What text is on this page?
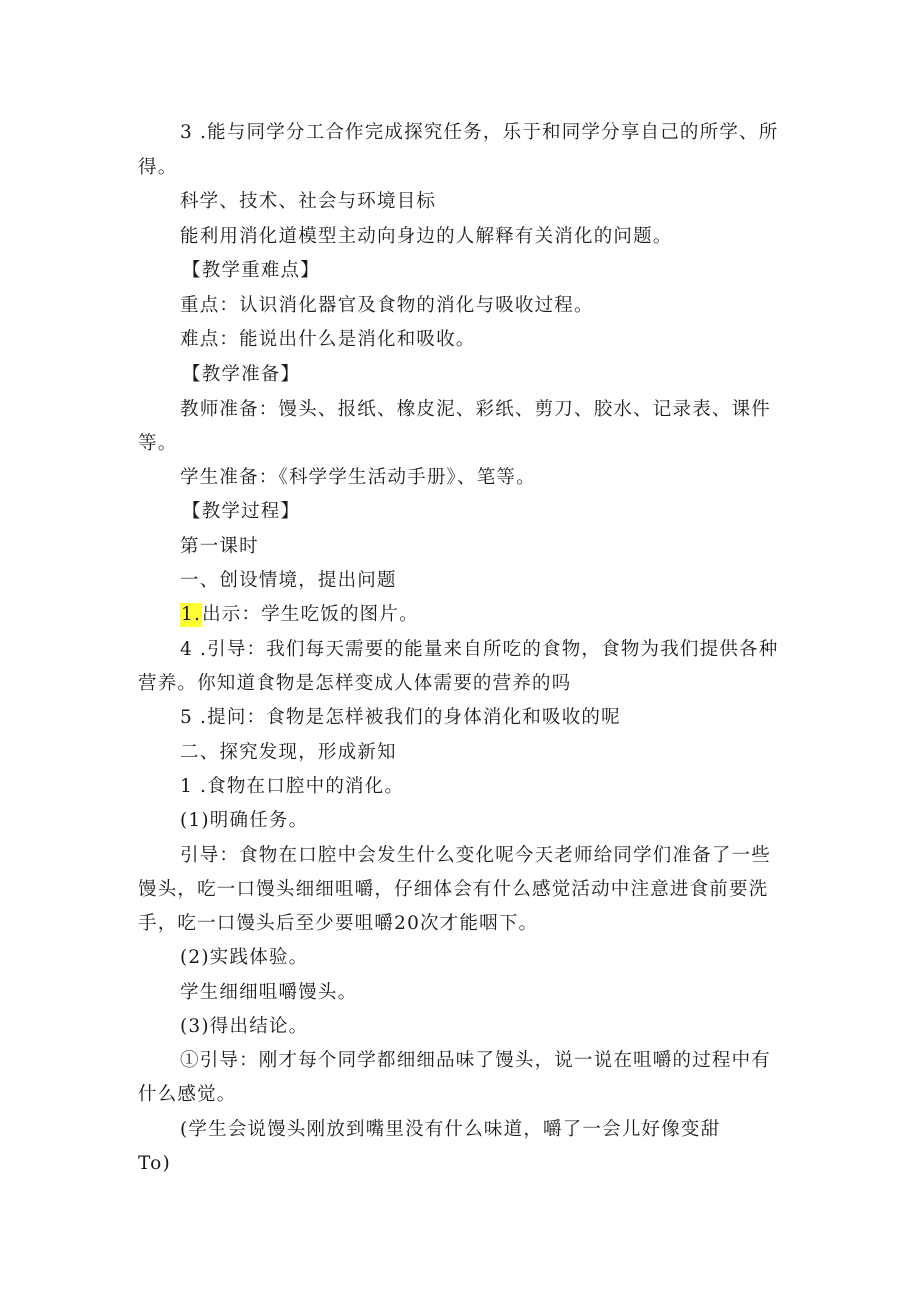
3 .能与同学分工合作完成探究任务，乐于和同学分享自己的所学、所
得。
科学、技术、社会与环境目标
能利用消化道模型主动向身边的人解释有关消化的问题。
【教学重难点】
重点：认识消化器官及食物的消化与吸收过程。
难点：能说出什么是消化和吸收。
【教学准备】
教师准备：馒头、报纸、橡皮泥、彩纸、剪刀、胶水、记录表、课件
等。
学生准备：《科学学生活动手册》、笔等。
【教学过程】
第一课时
一、创设情境，提出问题
1.出示：学生吃饭的图片。
4 .引导：我们每天需要的能量来自所吃的食物，食物为我们提供各种
营养。你知道食物是怎样变成人体需要的营养的吗
5 .提问：食物是怎样被我们的身体消化和吸收的呢
二、探究发现，形成新知
1 .食物在口腔中的消化。
(1)明确任务。
引导：食物在口腔中会发生什么变化呢今天老师给同学们准备了一些
馒头，吃一口馒头细细咀嚼，仔细体会有什么感觉活动中注意进食前要洗
手，吃一口馒头后至少要咀嚼20次才能咽下。
(2)实践体验。
学生细细咀嚼馒头。
(3)得出结论。
①引导：刚才每个同学都细细品味了馒头，说一说在咀嚼的过程中有
什么感觉。
(学生会说馒头刚放到嘴里没有什么味道，嚼了一会儿好像变甜
To)
